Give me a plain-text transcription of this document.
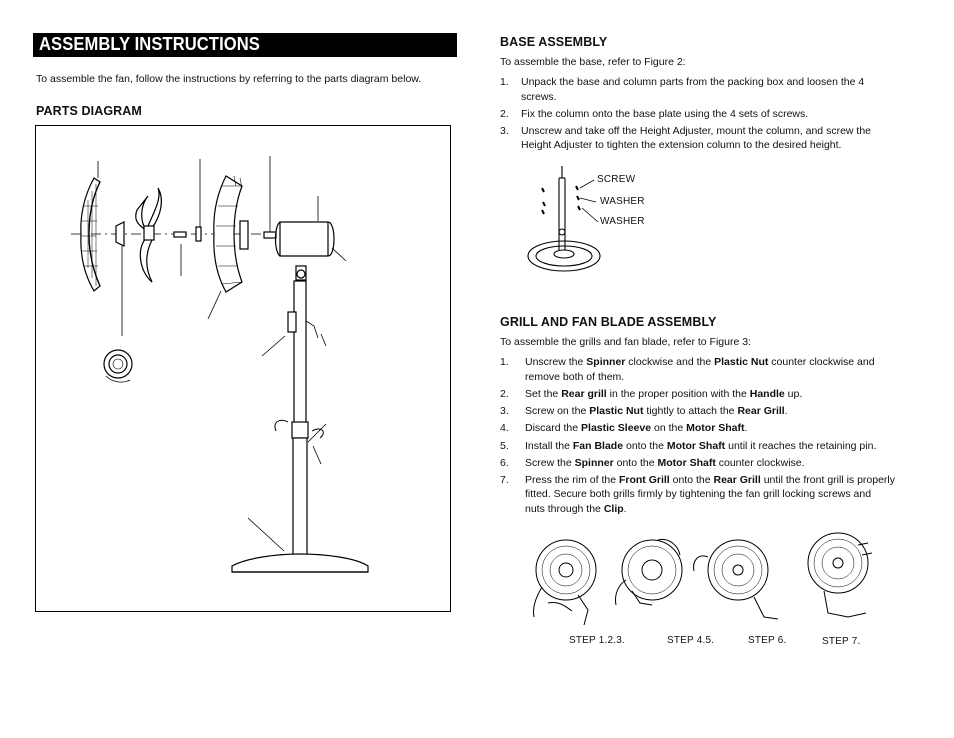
ASSEMBLY INSTRUCTIONS
To assemble the fan, follow the instructions by referring to the parts diagram below.
PARTS DIAGRAM
BASE ASSEMBLY
To assemble the base, refer to Figure 2:
1. Unpack the base and column parts from the packing box and loosen the 4
screws.
2. Fix the column onto the base plate using the 4 sets of screws.
3. Unscrew and take off the Height Adjuster, mount the column, and screw the
Height Adjuster to tighten the extension column to the desired height.
SCREW
WASHER
WASHER
GRILL AND FAN BLADE ASSEMBLY
To assemble the grills and fan blade, refer to Figure 3:
1. Unscrew the Spinner clockwise and the Plastic Nut counter clockwise and
remove both of them.
2. Set the Rear grill in the proper position with the Handle up.
3. Screw on the Plastic Nut tightly to attach the Rear Grill.
4. Discard the Plastic Sleeve on the Motor Shaft.
5. Install the Fan Blade onto the Motor Shaft until it reaches the retaining pin.
6. Screw the Spinner onto the Motor Shaft counter clockwise.
7. Press the rim of the Front Grill onto the Rear Grill until the front grill is properly
fitted. Secure both grills firmly by tightening the fan grill locking screws and
nuts through the Clip.
STEP 1.2.3.	STEP 4.5.	STEP 6.	STEP 7.
